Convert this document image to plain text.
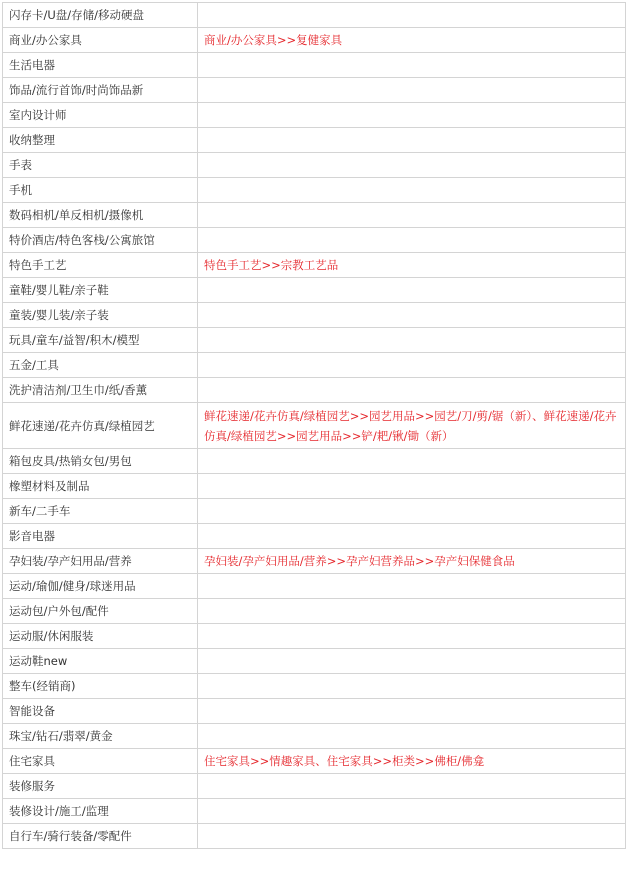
闪存卡/U盘/存储/移动硬盘	
商业/办公家具	商业/办公家具>>复健家具
生活电器	
饰品/流行首饰/时尚饰品新	
室内设计师	
收纳整理	
手表	
手机	
数码相机/单反相机/摄像机	
特价酒店/特色客栈/公寓旅馆	
特色手工艺	特色手工艺>>宗教工艺品
童鞋/婴儿鞋/亲子鞋	
童装/婴儿装/亲子装	
玩具/童车/益智/积木/模型	
五金/工具	
洗护清洁剂/卫生巾/纸/香薰	
鲜花速递/花卉仿真/绿植园艺	鲜花速递/花卉仿真/绿植园艺>>园艺用品>>园艺/刀/剪/锯（新）、鲜花速递/花卉仿真/绿植园艺>>园艺用品>>铲/耙/锹/锄（新）
箱包皮具/热销女包/男包	
橡塑材料及制品	
新车/二手车	
影音电器	
孕妇装/孕产妇用品/营养	孕妇装/孕产妇用品/营养>>孕产妇营养品>>孕产妇保健食品
运动/瑜伽/健身/球迷用品	
运动包/户外包/配件	
运动服/休闲服装	
运动鞋new	
整车(经销商)	
智能设备	
珠宝/钻石/翡翠/黄金	
住宅家具	住宅家具>>情趣家具、住宅家具>>柜类>>佛柜/佛龛
装修服务	
装修设计/施工/监理	
自行车/骑行装备/零配件	
